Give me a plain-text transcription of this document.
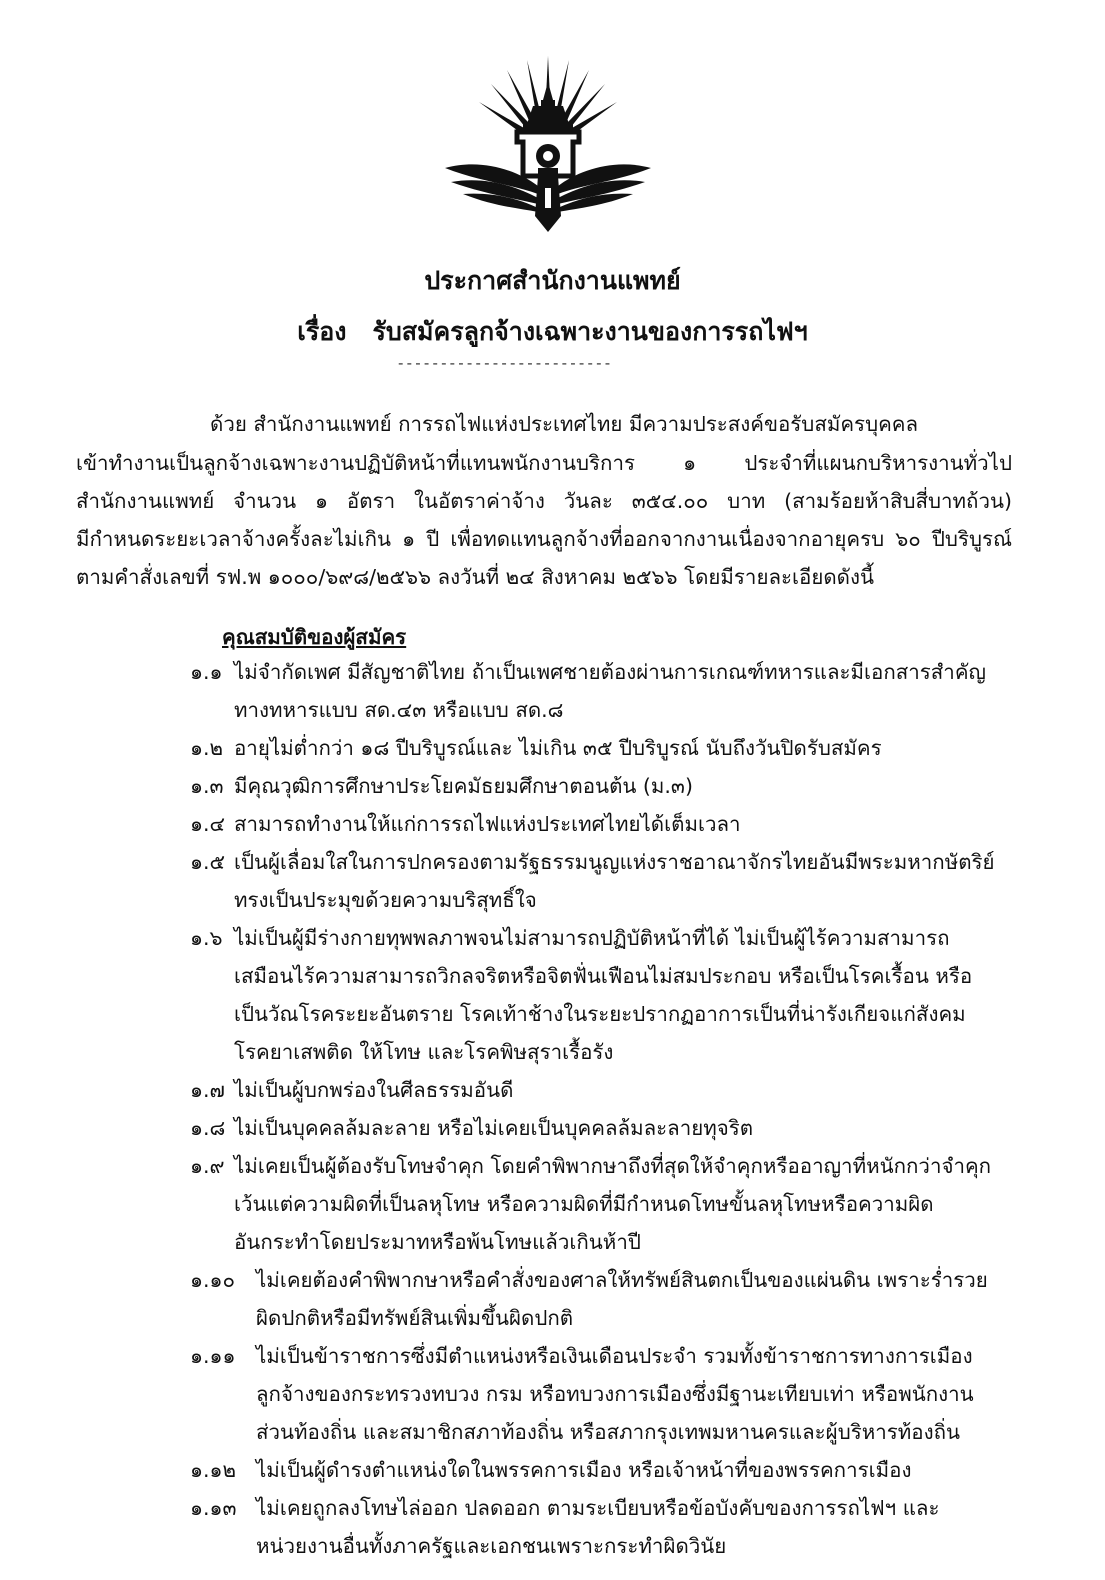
ประกาศสำนักงานแพทย์
เรื่อง รับสมัครลูกจ้างเฉพาะงานของการรถไฟฯ
-------------------------
ด้วย สำนักงานแพทย์ การรถไฟแห่งประเทศไทย มีความประสงค์ขอรับสมัครบุคคล
เข้าทำงานเป็นลูกจ้างเฉพาะงานปฏิบัติหน้าที่แทนพนักงานบริการ ๑ ประจำที่แผนกบริหารงานทั่วไป
สำนักงานแพทย์ จำนวน ๑ อัตรา ในอัตราค่าจ้าง วันละ ๓๕๔.๐๐ บาท (สามร้อยห้าสิบสี่บาทถ้วน)
มีกำหนดระยะเวลาจ้างครั้งละไม่เกิน ๑ ปี เพื่อทดแทนลูกจ้างที่ออกจากงานเนื่องจากอายุครบ ๖๐ ปีบริบูรณ์
ตามคำสั่งเลขที่ รฟ.พ ๑๐๐๐/๖๙๘/๒๕๖๖ ลงวันที่ ๒๔ สิงหาคม ๒๕๖๖ โดยมีรายละเอียดดังนี้
คุณสมบัติของผู้สมัคร
๑.๑ ไม่จำกัดเพศ มีสัญชาติไทย ถ้าเป็นเพศชายต้องผ่านการเกณฑ์ทหารและมีเอกสารสำคัญ
ทางทหารแบบ สด.๔๓ หรือแบบ สด.๘
๑.๒ อายุไม่ต่ำกว่า ๑๘ ปีบริบูรณ์และ ไม่เกิน ๓๕ ปีบริบูรณ์ นับถึงวันปิดรับสมัคร
๑.๓ มีคุณวุฒิการศึกษาประโยคมัธยมศึกษาตอนต้น (ม.๓)
๑.๔ สามารถทำงานให้แก่การรถไฟแห่งประเทศไทยได้เต็มเวลา
๑.๕ เป็นผู้เลื่อมใสในการปกครองตามรัฐธรรมนูญแห่งราชอาณาจักรไทยอันมีพระมหากษัตริย์
ทรงเป็นประมุขด้วยความบริสุทธิ์ใจ
๑.๖ ไม่เป็นผู้มีร่างกายทุพพลภาพจนไม่สามารถปฏิบัติหน้าที่ได้ ไม่เป็นผู้ไร้ความสามารถ
เสมือนไร้ความสามารถวิกลจริตหรือจิตฟั่นเฟือนไม่สมประกอบ หรือเป็นโรคเรื้อน หรือ
เป็นวัณโรคระยะอันตราย โรคเท้าช้างในระยะปรากฏอาการเป็นที่น่ารังเกียจแก่สังคม
โรคยาเสพติด ให้โทษ และโรคพิษสุราเรื้อรัง
๑.๗ ไม่เป็นผู้บกพร่องในศีลธรรมอันดี
๑.๘ ไม่เป็นบุคคลล้มละลาย หรือไม่เคยเป็นบุคคลล้มละลายทุจริต
๑.๙ ไม่เคยเป็นผู้ต้องรับโทษจำคุก โดยคำพิพากษาถึงที่สุดให้จำคุกหรืออาญาที่หนักกว่าจำคุก
เว้นแต่ความผิดที่เป็นลหุโทษ หรือความผิดที่มีกำหนดโทษขั้นลหุโทษหรือความผิด
อันกระทำโดยประมาทหรือพ้นโทษแล้วเกินห้าปี
๑.๑๐ ไม่เคยต้องคำพิพากษาหรือคำสั่งของศาลให้ทรัพย์สินตกเป็นของแผ่นดิน เพราะร่ำรวย
ผิดปกติหรือมีทรัพย์สินเพิ่มขึ้นผิดปกติ
๑.๑๑ ไม่เป็นข้าราชการซึ่งมีตำแหน่งหรือเงินเดือนประจำ รวมทั้งข้าราชการทางการเมือง
ลูกจ้างของกระทรวงทบวง กรม หรือทบวงการเมืองซึ่งมีฐานะเทียบเท่า หรือพนักงาน
ส่วนท้องถิ่น และสมาชิกสภาท้องถิ่น หรือสภากรุงเทพมหานครและผู้บริหารท้องถิ่น
๑.๑๒ ไม่เป็นผู้ดำรงตำแหน่งใดในพรรคการเมือง หรือเจ้าหน้าที่ของพรรคการเมือง
๑.๑๓ ไม่เคยถูกลงโทษไล่ออก ปลดออก ตามระเบียบหรือข้อบังคับของการรถไฟฯ และ
หน่วยงานอื่นทั้งภาครัฐและเอกชนเพราะกระทำผิดวินัย
